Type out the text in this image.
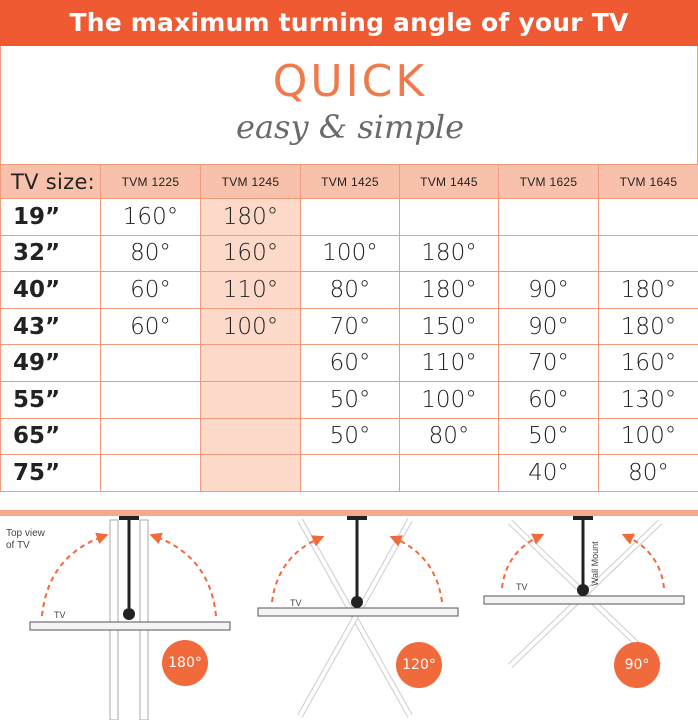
The maximum turning angle of your TV
QUICK
easy & simple
TV size:	TVM 1225	TVM 1245	TVM 1425	TVM 1445	TVM 1625	TVM 1645
19”	160°	180°				
32”	80°	160°	100°	180°		
40”	60°	110°	80°	180°	90°	180°
43”	60°	100°	70°	150°	90°	180°
49”			60°	110°	70°	160°
55”			50°	100°	60°	130°
65”			50°	80°	50°	100°
75”					40°	80°
Top view of TV
TV
TV
TV
Wall Mount
180°	120°	90°
